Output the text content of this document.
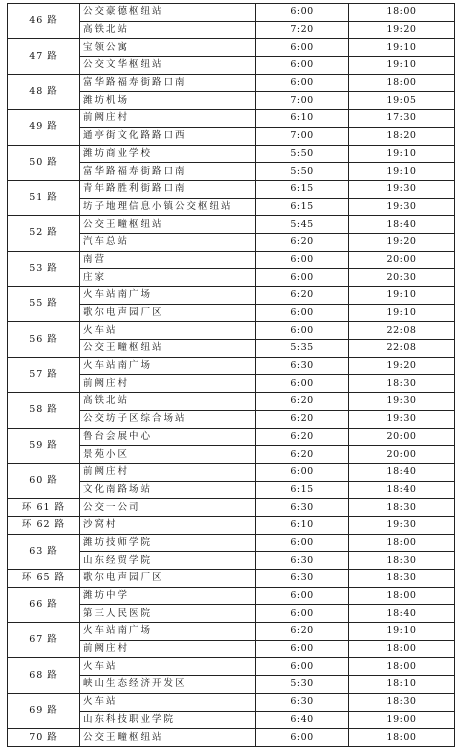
46 路	公交豪德枢纽站	6:00	18:00
	高铁北站	7:20	19:20
47 路	宝领公寓	6:00	19:10
	公交文华枢纽站	6:00	19:10
48 路	富华路福寿街路口南	6:00	18:00
	潍坊机场	7:00	19:05
49 路	前阙庄村	6:10	17:30
	通亭街文化路路口西	7:00	18:20
50 路	潍坊商业学校	5:50	19:10
	富华路福寿街路口南	5:50	19:10
51 路	青年路胜利街路口南	6:15	19:30
	坊子地理信息小镇公交枢纽站	6:15	19:30
52 路	公交王疃枢纽站	5:45	18:40
	汽车总站	6:20	19:20
53 路	南营	6:00	20:00
	庄家	6:00	20:30
55 路	火车站南广场	6:20	19:10
	歌尔电声园厂区	6:00	19:10
56 路	火车站	6:00	22:08
	公交王疃枢纽站	5:35	22:08
57 路	火车站南广场	6:30	19:20
	前阙庄村	6:00	18:30
58 路	高铁北站	6:20	19:30
	公交坊子区综合场站	6:20	19:30
59 路	鲁台会展中心	6:20	20:00
	景苑小区	6:20	20:00
60 路	前阙庄村	6:00	18:40
	文化南路场站	6:15	18:40
环 61 路	公交一公司	6:30	18:30
环 62 路	沙窝村	6:10	19:30
63 路	潍坊技师学院	6:00	18:00
	山东经贸学院	6:30	18:30
环 65 路	歌尔电声园厂区	6:30	18:30
66 路	潍坊中学	6:00	18:00
	第三人民医院	6:00	18:40
67 路	火车站南广场	6:20	19:10
	前阙庄村	6:00	18:00
68 路	火车站	6:00	18:00
	峡山生态经济开发区	5:30	18:10
69 路	火车站	6:30	18:30
	山东科技职业学院	6:40	19:00
70 路	公交王疃枢纽站	6:00	18:00
